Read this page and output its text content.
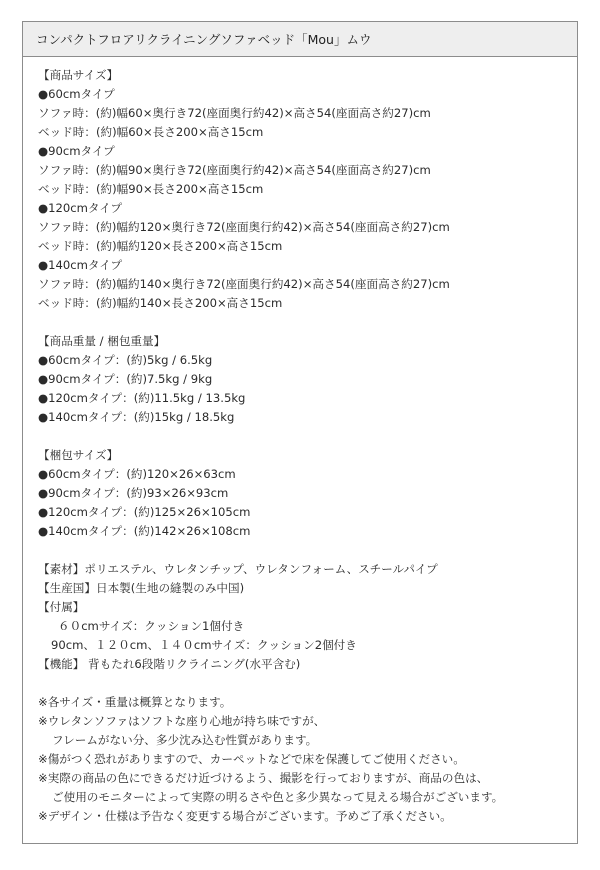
コンパクトフロアリクライニングソファベッド「Mou」ムウ
【商品サイズ】
●60cmタイプ
ソファ時：(約)幅60×奥行き72(座面奥行約42)×高さ54(座面高さ約27)cm
ベッド時：(約)幅60×長さ200×高さ15cm
●90cmタイプ
ソファ時：(約)幅90×奥行き72(座面奥行約42)×高さ54(座面高さ約27)cm
ベッド時：(約)幅90×長さ200×高さ15cm
●120cmタイプ
ソファ時：(約)幅約120×奥行き72(座面奥行約42)×高さ54(座面高さ約27)cm
ベッド時：(約)幅約120×長さ200×高さ15cm
●140cmタイプ
ソファ時：(約)幅約140×奥行き72(座面奥行約42)×高さ54(座面高さ約27)cm
ベッド時：(約)幅約140×長さ200×高さ15cm
【商品重量 / 梱包重量】
●60cmタイプ：(約)5kg / 6.5kg
●90cmタイプ：(約)7.5kg / 9kg
●120cmタイプ：(約)11.5kg / 13.5kg
●140cmタイプ：(約)15kg / 18.5kg
【梱包サイズ】
●60cmタイプ：(約)120×26×63cm
●90cmタイプ：(約)93×26×93cm
●120cmタイプ：(約)125×26×105cm
●140cmタイプ：(約)142×26×108cm
【素材】ポリエステル、ウレタンチップ、ウレタンフォーム、スチールパイプ
【生産国】日本製(生地の縫製のみ中国)
【付属】
６０cmサイズ：クッション1個付き
90cm、１２０cm、１４０cmサイズ：クッション2個付き
【機能】 背もたれ6段階リクライニング(水平含む)
※各サイズ・重量は概算となります。
※ウレタンソファはソフトな座り心地が持ち味ですが、
フレームがない分、多少沈み込む性質があります。
※傷がつく恐れがありますので、カーペットなどで床を保護してご使用ください。
※実際の商品の色にできるだけ近づけるよう、撮影を行っておりますが、商品の色は、
ご使用のモニターによって実際の明るさや色と多少異なって見える場合がございます。
※デザイン・仕様は予告なく変更する場合がございます。予めご了承ください。
